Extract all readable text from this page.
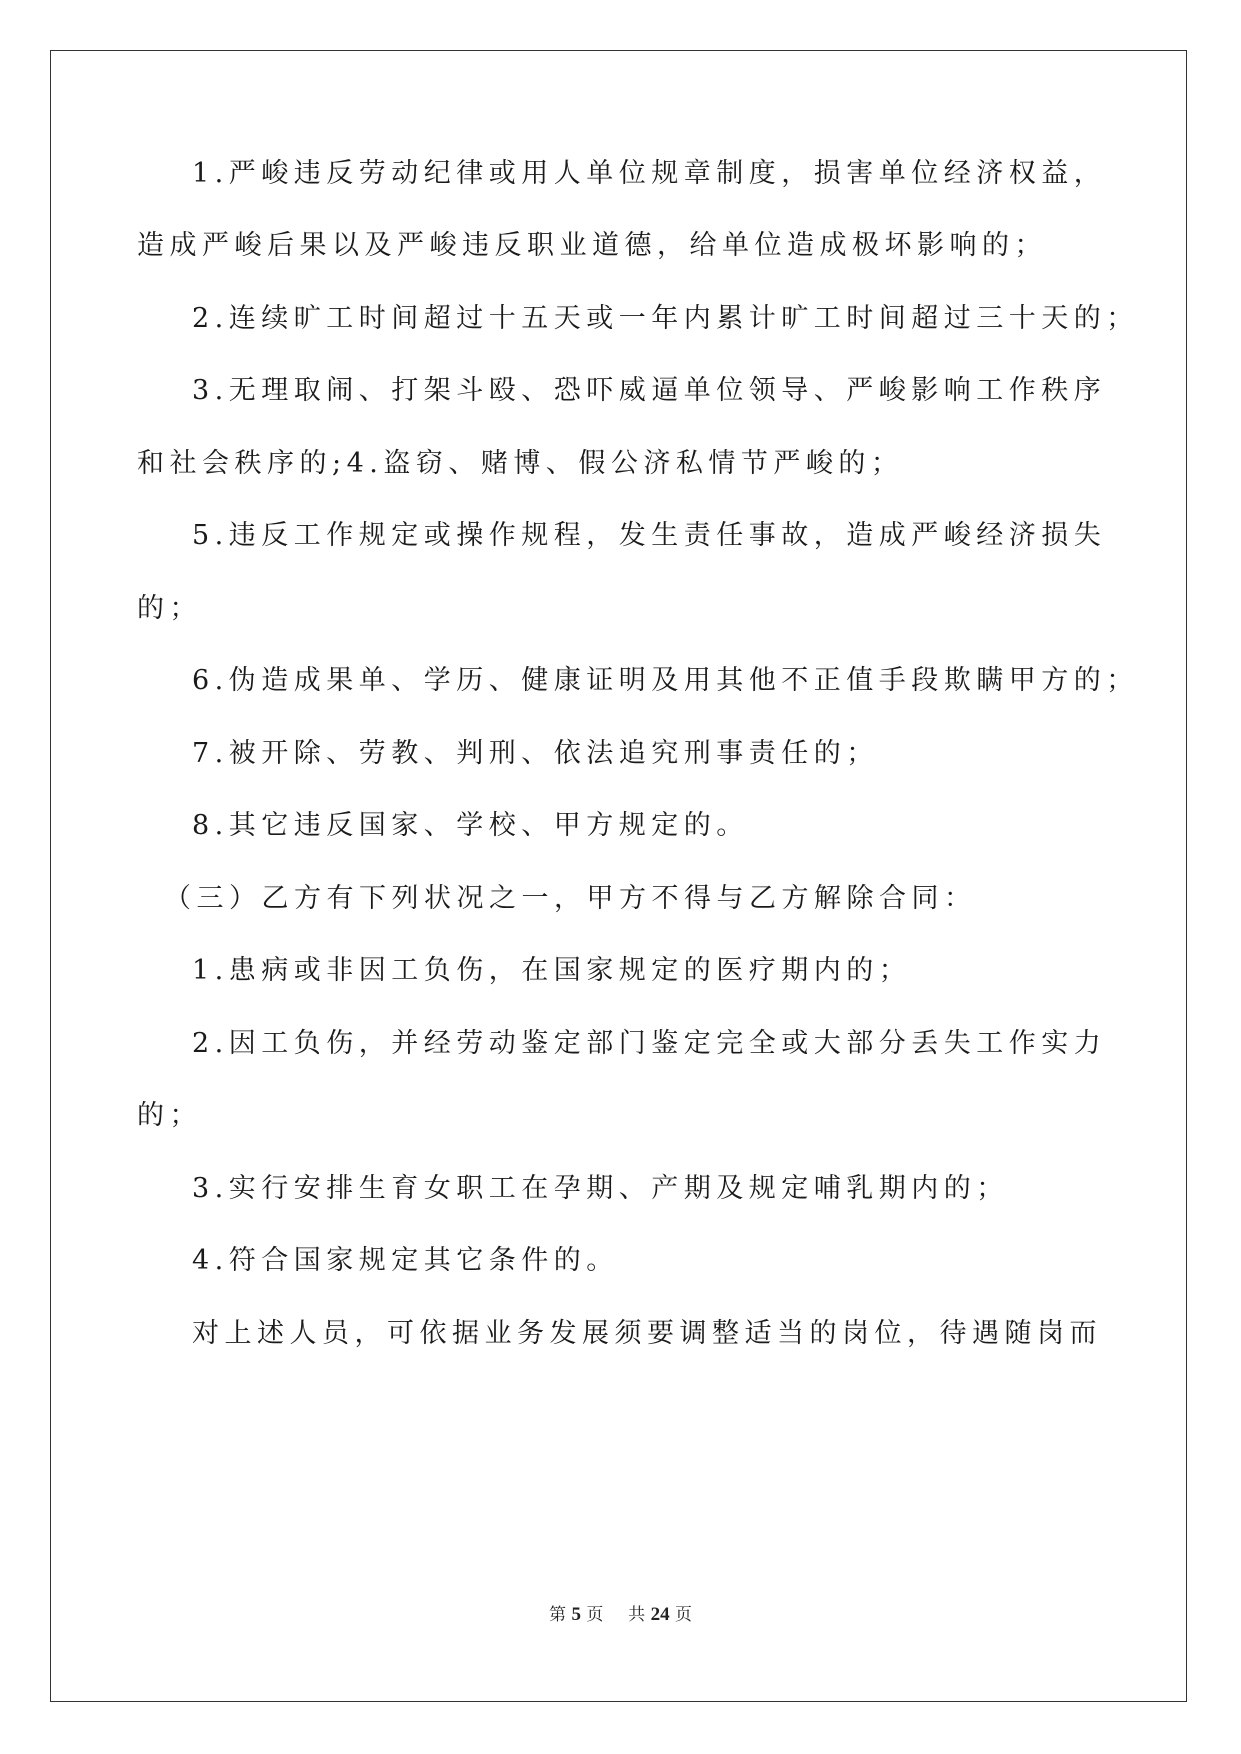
1.严峻违反劳动纪律或用人单位规章制度，损害单位经济权益，

造成严峻后果以及严峻违反职业道德，给单位造成极坏影响的；

2.连续旷工时间超过十五天或一年内累计旷工时间超过三十天的；

3.无理取闹、打架斗殴、恐吓威逼单位领导、严峻影响工作秩序

和社会秩序的;4.盗窃、赌博、假公济私情节严峻的；

5.违反工作规定或操作规程，发生责任事故，造成严峻经济损失

的；

6.伪造成果单、学历、健康证明及用其他不正值手段欺瞒甲方的；

7.被开除、劳教、判刑、依法追究刑事责任的；

8.其它违反国家、学校、甲方规定的。

（三）乙方有下列状况之一，甲方不得与乙方解除合同：

1.患病或非因工负伤，在国家规定的医疗期内的；

2.因工负伤，并经劳动鉴定部门鉴定完全或大部分丢失工作实力

的；

3.实行安排生育女职工在孕期、产期及规定哺乳期内的；

4.符合国家规定其它条件的。

对上述人员，可依据业务发展须要调整适当的岗位，待遇随岗而

第 5 页 共 24 页
